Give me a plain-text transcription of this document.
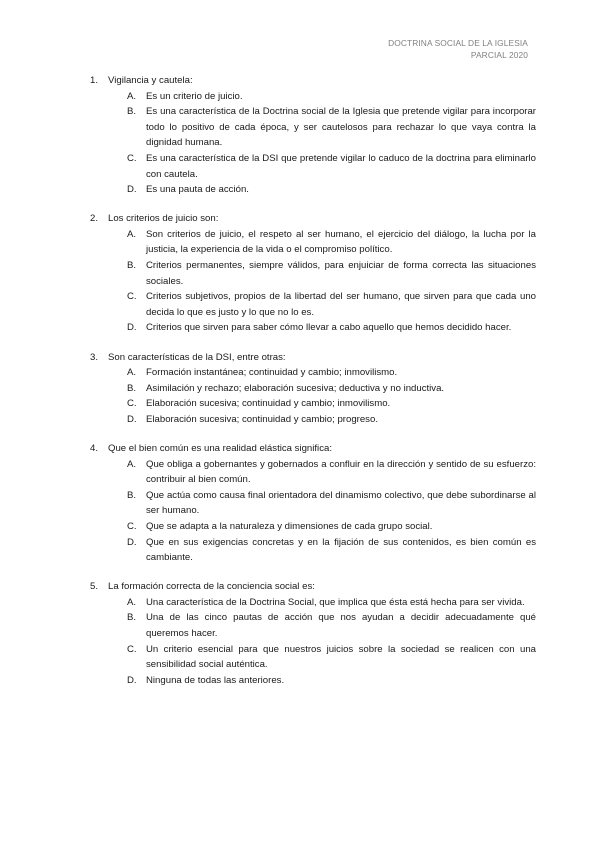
DOCTRINA SOCIAL DE LA IGLESIA
PARCIAL 2020
1.	Vigilancia y cautela:
A.	Es un criterio de juicio.
B.	Es una característica de la Doctrina social de la Iglesia que pretende vigilar para incorporar todo lo positivo de cada época, y ser cautelosos para rechazar lo que vaya contra la dignidad humana.
C. Es una característica de la DSI que pretende vigilar lo caduco de la doctrina para eliminarlo con cautela.
D. Es una pauta de acción.
2.	Los criterios de juicio son:
A.	Son criterios de juicio, el respeto al ser humano, el ejercicio del diálogo, la lucha por la justicia, la experiencia de la vida o el compromiso político.
B.	Criterios permanentes, siempre válidos, para enjuiciar de forma correcta las situaciones sociales.
C. Criterios subjetivos, propios de la libertad del ser humano, que sirven para que cada uno decida lo que es justo y lo que no lo es.
D. Criterios que sirven para saber cómo llevar a cabo aquello que hemos decidido hacer.
3.	Son características de la DSI, entre otras:
A.	Formación instantánea; continuidad y cambio; inmovilismo.
B.	Asimilación y rechazo; elaboración sucesiva; deductiva y no inductiva.
C. Elaboración sucesiva; continuidad y cambio; inmovilismo.
D. Elaboración sucesiva; continuidad y cambio; progreso.
4.	Que el bien común es una realidad elástica significa:
A.	Que obliga a gobernantes y gobernados a confluir en la dirección y sentido de su esfuerzo: contribuir al bien común.
B.	Que actúa como causa final orientadora del dinamismo colectivo, que debe subordinarse al ser humano.
C. Que se adapta a la naturaleza y dimensiones de cada grupo social.
D. Que en sus exigencias concretas y en la fijación de sus contenidos, es bien común es cambiante.
5.	La formación correcta de la conciencia social es:
A.	Una característica de la Doctrina Social, que implica que ésta está hecha para ser vivida.
B.	Una de las cinco pautas de acción que nos ayudan a decidir adecuadamente qué queremos hacer.
C. Un criterio esencial para que nuestros juicios sobre la sociedad se realicen con una sensibilidad social auténtica.
D. Ninguna de todas las anteriores.
